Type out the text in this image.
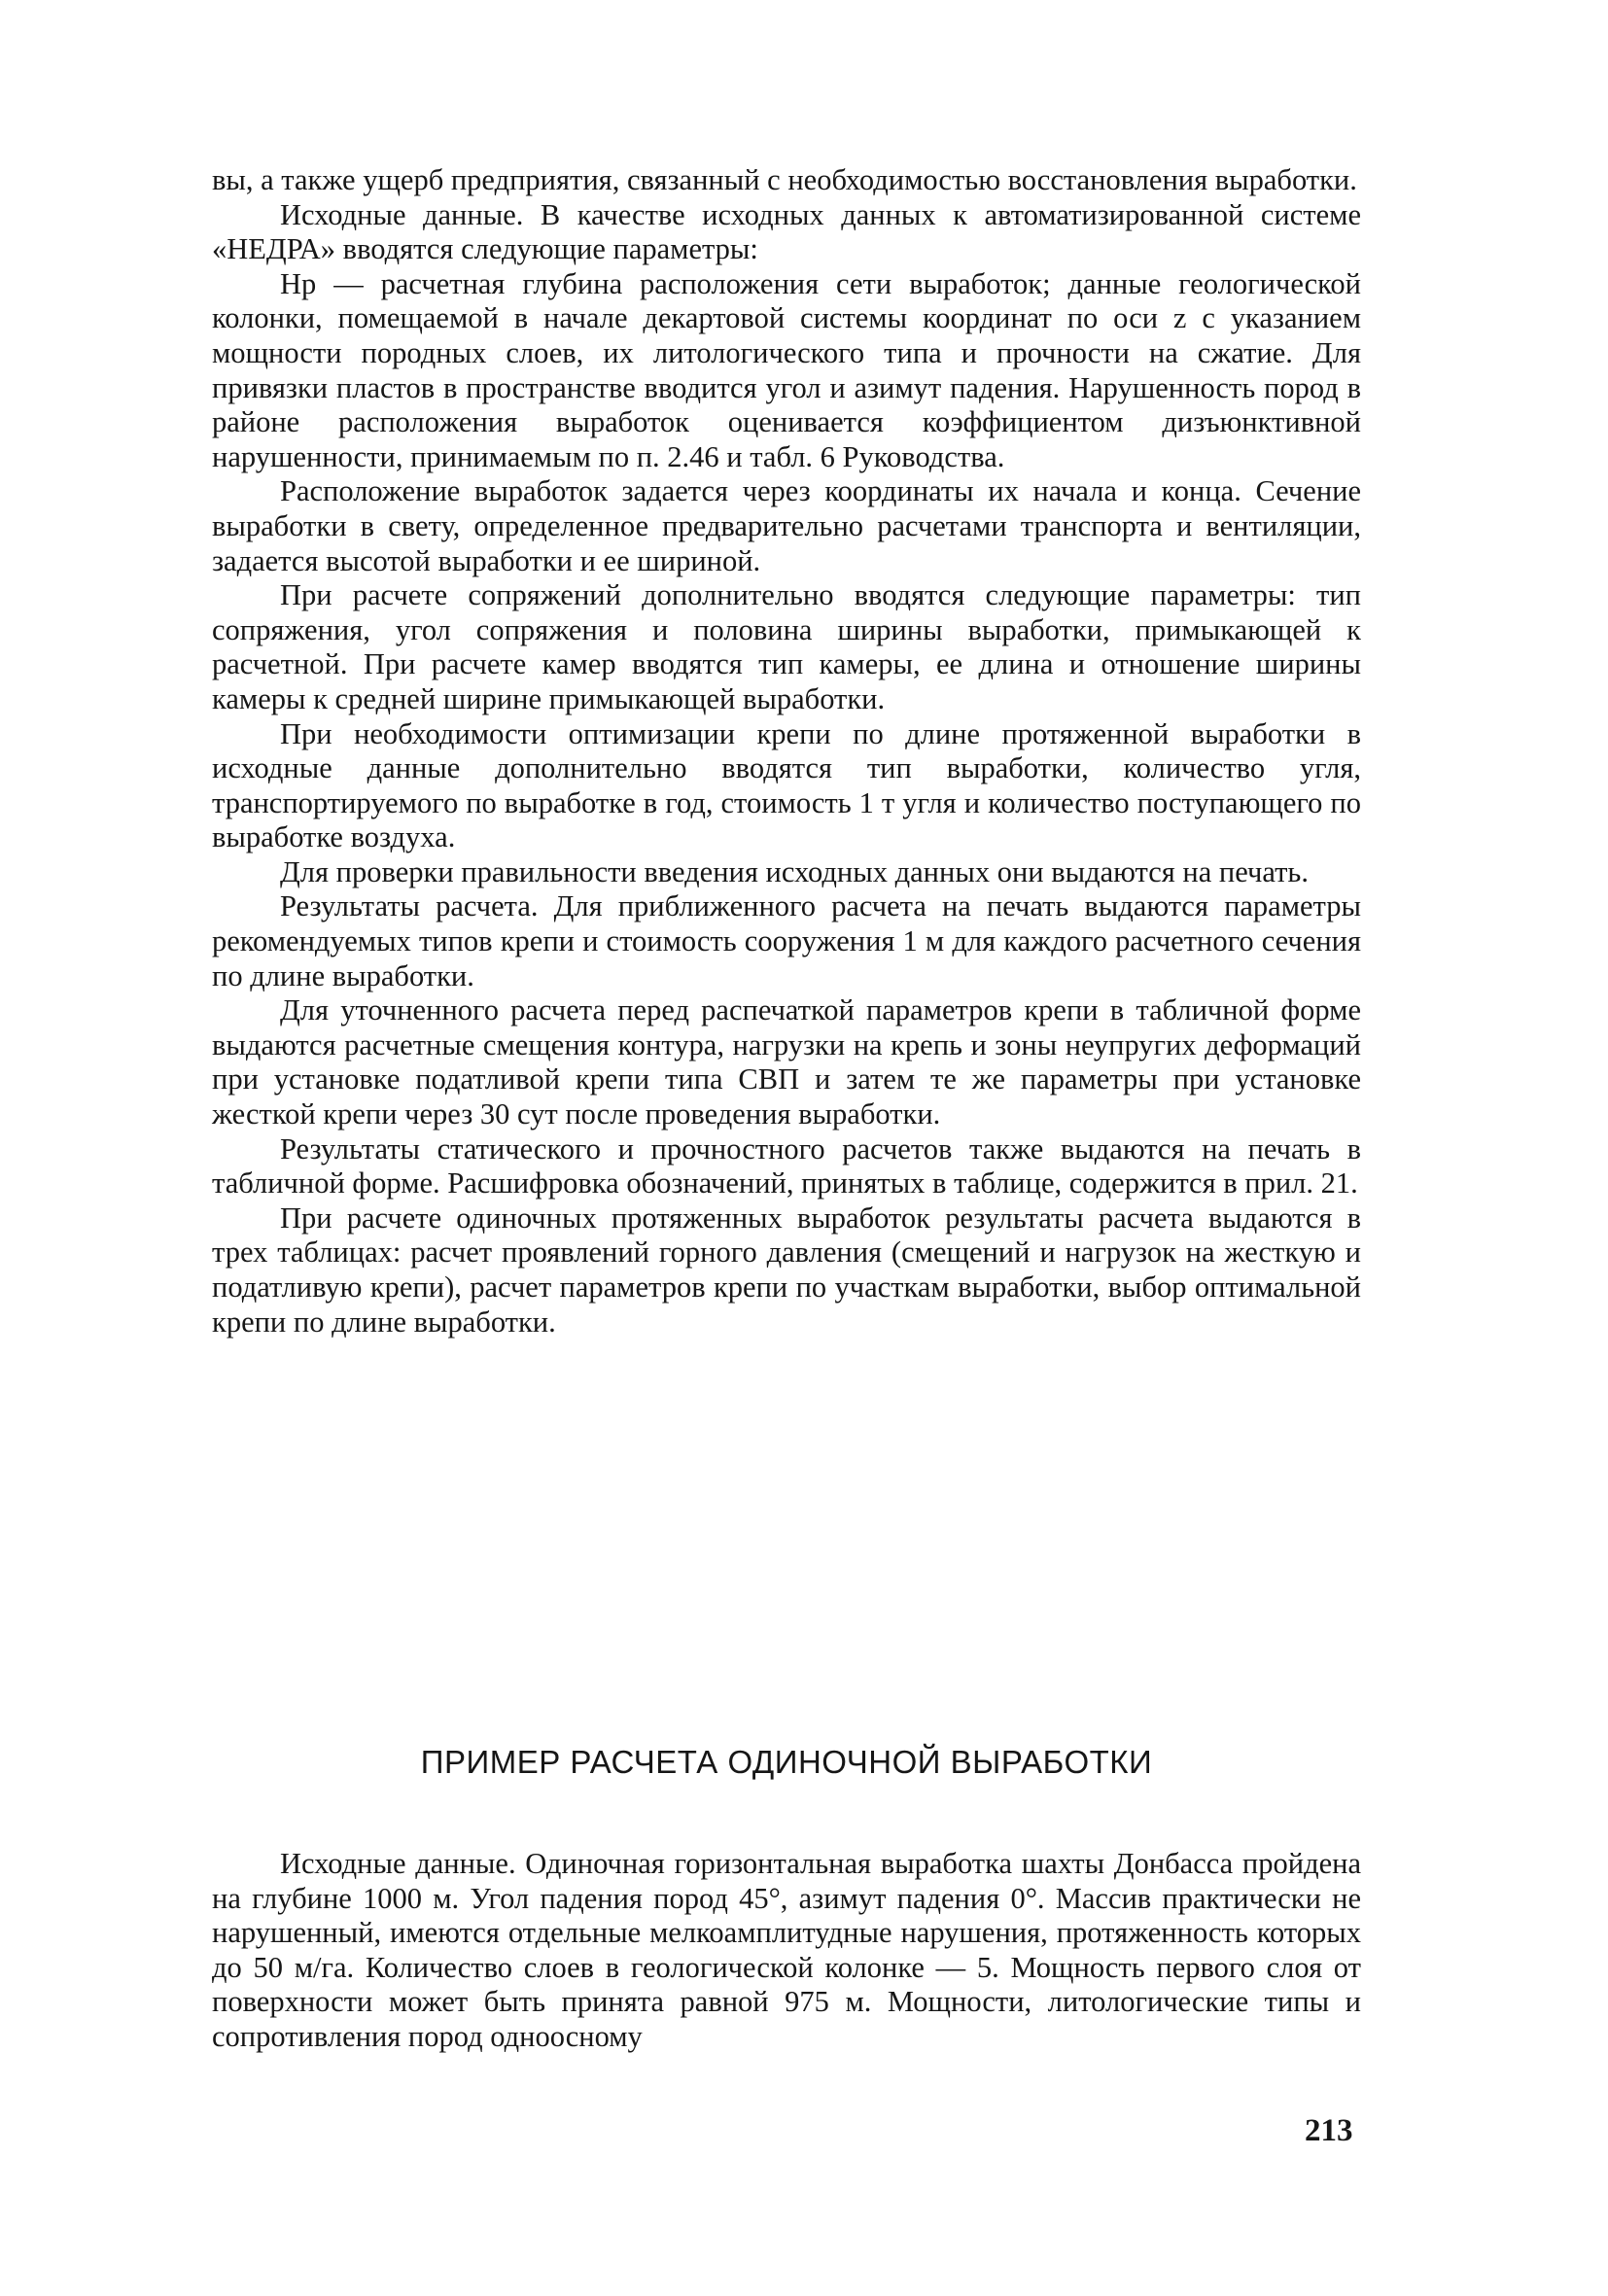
вы, а также ущерб предприятия, связанный с необходимостью восстановления выработки.

Исходные данные. В качестве исходных данных к автоматизированной системе «НЕДРА» вводятся следующие параметры:

Нр — расчетная глубина расположения сети выработок; данные геологической колонки, помещаемой в начале декартовой системы координат по оси z с указанием мощности породных слоев, их литологического типа и прочности на сжатие. Для привязки пластов в пространстве вводится угол и азимут падения. Нарушенность пород в районе расположения выработок оценивается коэффициентом дизъюнктивной нарушенности, принимаемым по п. 2.46 и табл. 6 Руководства.

Расположение выработок задается через координаты их начала и конца. Сечение выработки в свету, определенное предварительно расчетами транспорта и вентиляции, задается высотой выработки и ее шириной.

При расчете сопряжений дополнительно вводятся следующие параметры: тип сопряжения, угол сопряжения и половина ширины выработки, примыкающей к расчетной. При расчете камер вводятся тип камеры, ее длина и отношение ширины камеры к средней ширине примыкающей выработки.

При необходимости оптимизации крепи по длине протяженной выработки в исходные данные дополнительно вводятся тип выработки, количество угля, транспортируемого по выработке в год, стоимость 1 т угля и количество поступающего по выработке воздуха.

Для проверки правильности введения исходных данных они выдаются на печать.

Результаты расчета. Для приближенного расчета на печать выдаются параметры рекомендуемых типов крепи и стоимость сооружения 1 м для каждого расчетного сечения по длине выработки.

Для уточненного расчета перед распечаткой параметров крепи в табличной форме выдаются расчетные смещения контура, нагрузки на крепь и зоны неупругих деформаций при установке податливой крепи типа СВП и затем те же параметры при установке жесткой крепи через 30 сут после проведения выработки.

Результаты статического и прочностного расчетов также выдаются на печать в табличной форме. Расшифровка обозначений, принятых в таблице, содержится в прил. 21.

При расчете одиночных протяженных выработок результаты расчета выдаются в трех таблицах: расчет проявлений горного давления (смещений и нагрузок на жесткую и податливую крепи), расчет параметров крепи по участкам выработки, выбор оптимальной крепи по длине выработки.

ПРИМЕР РАСЧЕТА ОДИНОЧНОЙ ВЫРАБОТКИ

Исходные данные. Одиночная горизонтальная выработка шахты Донбасса пройдена на глубине 1000 м. Угол падения пород 45°, азимут падения 0°. Массив практически не нарушенный, имеются отдельные мелкоамплитудные нарушения, протяженность которых до 50 м/га. Количество слоев в геологической колонке — 5. Мощность первого слоя от поверхности может быть принята равной 975 м. Мощности, литологические типы и сопротивления пород одноосному

213
